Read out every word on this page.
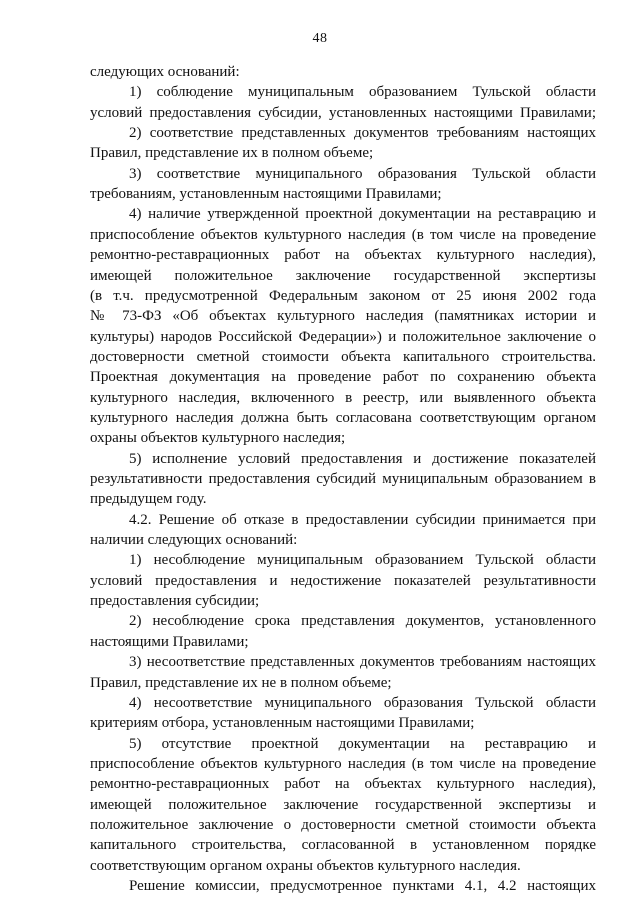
48
следующих оснований:
1) соблюдение муниципальным образованием Тульской области
условий предоставления субсидии, установленных настоящими Правилами;
2) соответствие представленных документов требованиям настоящих
Правил, представление их в полном объеме;
3) соответствие муниципального образования Тульской области
требованиям, установленным настоящими Правилами;
4) наличие утвержденной проектной документации на реставрацию и
приспособление объектов культурного наследия (в том числе на проведение
ремонтно-реставрационных работ на объектах культурного наследия),
имеющей положительное заключение государственной экспертизы
(в т.ч. предусмотренной Федеральным законом от 25 июня 2002 года
№ 73-ФЗ «Об объектах культурного наследия (памятниках истории и
культуры) народов Российской Федерации») и положительное заключение о
достоверности сметной стоимости объекта капитального строительства.
Проектная документация на проведение работ по сохранению объекта
культурного наследия, включенного в реестр, или выявленного объекта
культурного наследия должна быть согласована соответствующим органом
охраны объектов культурного наследия;
5) исполнение условий предоставления и достижение показателей
результативности предоставления субсидий муниципальным образованием в
предыдущем году.
4.2. Решение об отказе в предоставлении субсидии принимается при
наличии следующих оснований:
1) несоблюдение муниципальным образованием Тульской области
условий предоставления и недостижение показателей результативности
предоставления субсидии;
2) несоблюдение срока представления документов, установленного
настоящими Правилами;
3) несоответствие представленных документов требованиям настоящих
Правил, представление их не в полном объеме;
4) несоответствие муниципального образования Тульской области
критериям отбора, установленным настоящими Правилами;
5) отсутствие проектной документации на реставрацию и
приспособление объектов культурного наследия (в том числе на проведение
ремонтно-реставрационных работ на объектах культурного наследия),
имеющей положительное заключение государственной экспертизы и
положительное заключение о достоверности сметной стоимости объекта
капитального строительства, согласованной в установленном порядке
соответствующим органом охраны объектов культурного наследия.
Решение комиссии, предусмотренное пунктами 4.1, 4.2 настоящих
